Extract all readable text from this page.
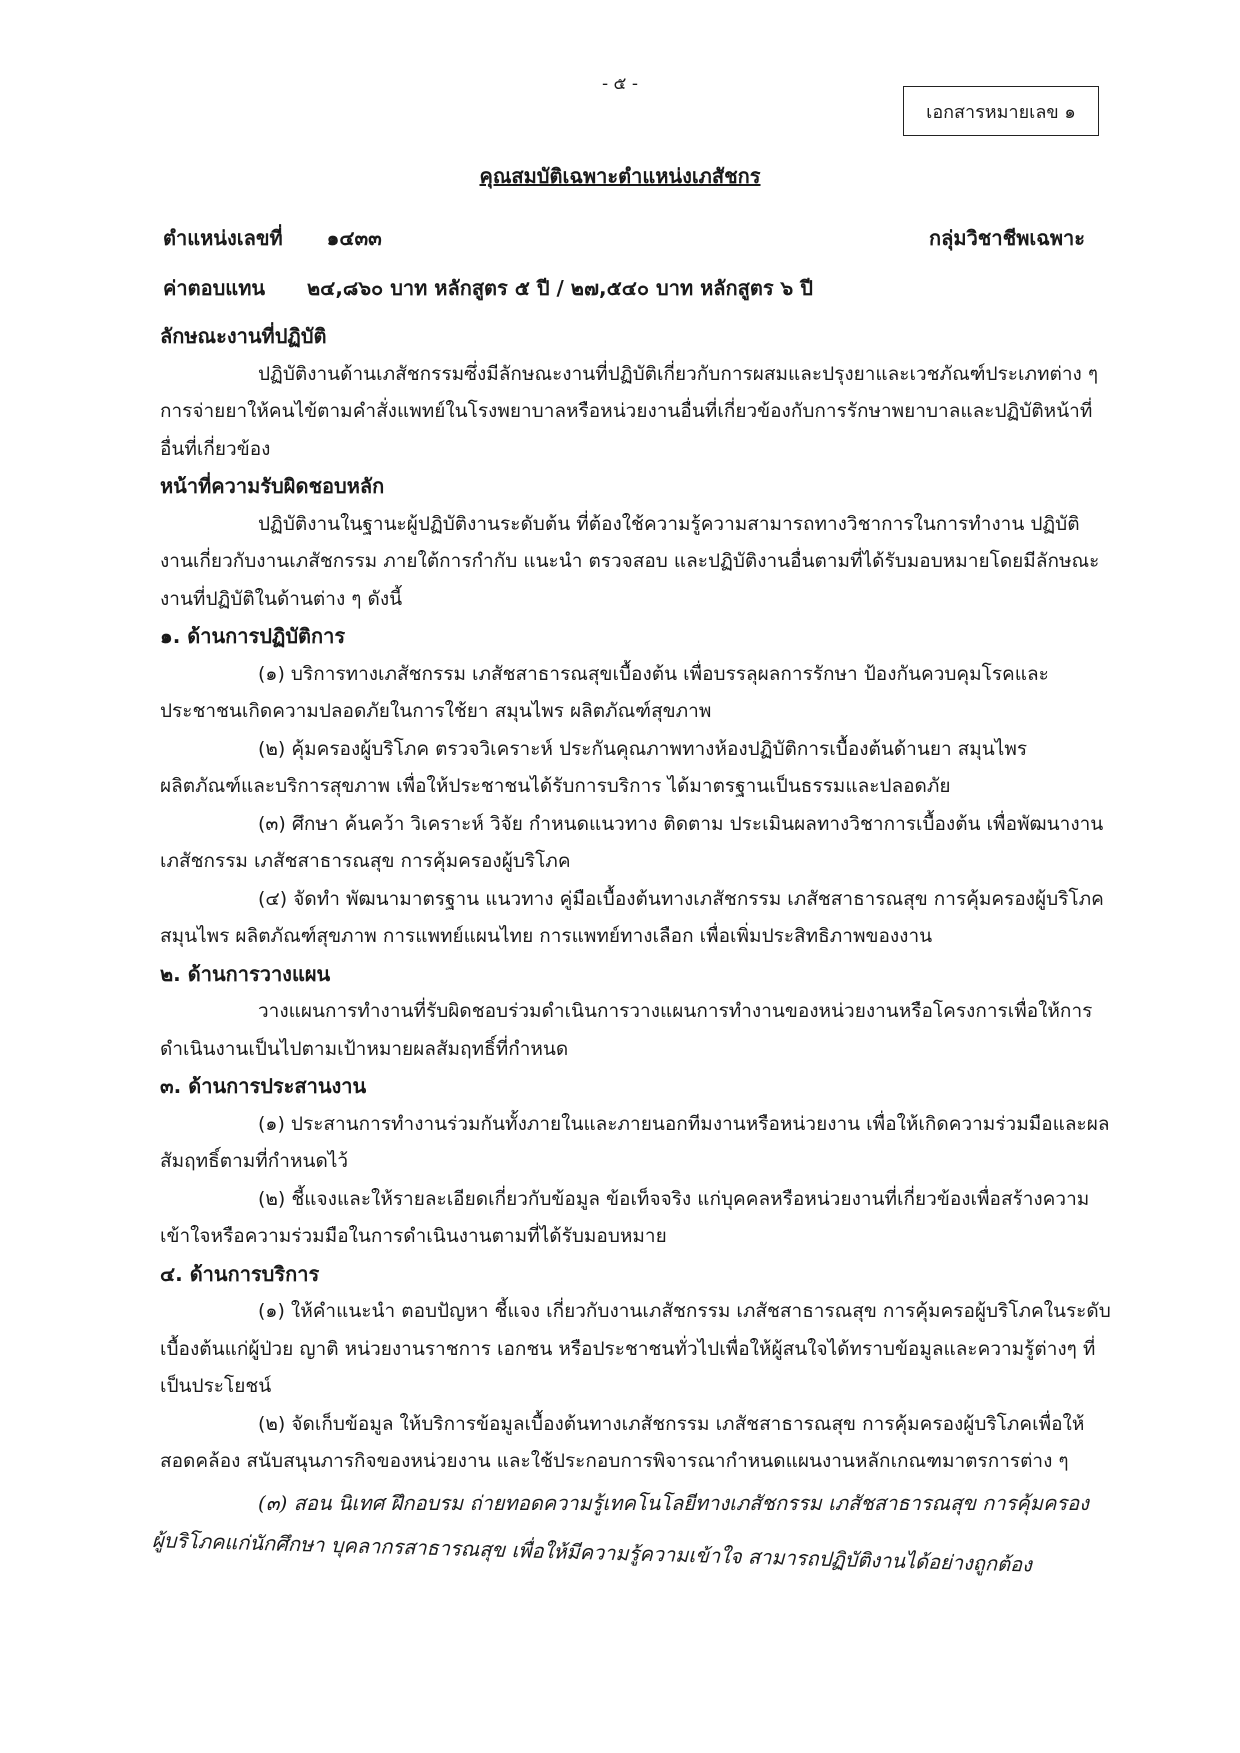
- ๕ -
เอกสารหมายเลข ๑
คุณสมบัติเฉพาะตำแหน่งเภสัชกร
ตำแหน่งเลขที่ ๑๔๓๓	กลุ่มวิชาชีพเฉพาะ
ค่าตอบแทน ๒๔,๘๖๐ บาท หลักสูตร ๕ ปี / ๒๗,๕๔๐ บาท หลักสูตร ๖ ปี

ลักษณะงานที่ปฏิบัติ

ปฏิบัติงานด้านเภสัชกรรมซึ่งมีลักษณะงานที่ปฏิบัติเกี่ยวกับการผสมและปรุงยาและเวชภัณฑ์ประเภทต่าง ๆ การจ่ายยาให้คนไข้ตามคำสั่งแพทย์ในโรงพยาบาลหรือหน่วยงานอื่นที่เกี่ยวข้องกับการรักษาพยาบาลและปฏิบัติหน้าที่อื่นที่เกี่ยวข้อง

หน้าที่ความรับผิดชอบหลัก

ปฏิบัติงานในฐานะผู้ปฏิบัติงานระดับต้น ที่ต้องใช้ความรู้ความสามารถทางวิชาการในการทำงาน ปฏิบัติงานเกี่ยวกับงานเภสัชกรรม ภายใต้การกำกับ แนะนำ ตรวจสอบ และปฏิบัติงานอื่นตามที่ได้รับมอบหมายโดยมีลักษณะงานที่ปฏิบัติในด้านต่าง ๆ ดังนี้

๑. ด้านการปฏิบัติการ

(๑) บริการทางเภสัชกรรม เภสัชสาธารณสุขเบื้องต้น เพื่อบรรลุผลการรักษา ป้องกันควบคุมโรคและประชาชนเกิดความปลอดภัยในการใช้ยา สมุนไพร ผลิตภัณฑ์สุขภาพ

(๒) คุ้มครองผู้บริโภค ตรวจวิเคราะห์ ประกันคุณภาพทางห้องปฏิบัติการเบื้องต้นด้านยา สมุนไพร ผลิตภัณฑ์และบริการสุขภาพ เพื่อให้ประชาชนได้รับการบริการ ได้มาตรฐานเป็นธรรมและปลอดภัย

(๓) ศึกษา ค้นคว้า วิเคราะห์ วิจัย กำหนดแนวทาง ติดตาม ประเมินผลทางวิชาการเบื้องต้น เพื่อพัฒนางานเภสัชกรรม เภสัชสาธารณสุข การคุ้มครองผู้บริโภค

(๔) จัดทำ พัฒนามาตรฐาน แนวทาง คู่มือเบื้องต้นทางเภสัชกรรม เภสัชสาธารณสุข การคุ้มครองผู้บริโภค สมุนไพร ผลิตภัณฑ์สุขภาพ การแพทย์แผนไทย การแพทย์ทางเลือก เพื่อเพิ่มประสิทธิภาพของงาน

๒. ด้านการวางแผน

วางแผนการทำงานที่รับผิดชอบร่วมดำเนินการวางแผนการทำงานของหน่วยงานหรือโครงการเพื่อให้การดำเนินงานเป็นไปตามเป้าหมายผลสัมฤทธิ์ที่กำหนด

๓. ด้านการประสานงาน

(๑) ประสานการทำงานร่วมกันทั้งภายในและภายนอกทีมงานหรือหน่วยงาน เพื่อให้เกิดความร่วมมือและผลสัมฤทธิ์ตามที่กำหนดไว้

(๒) ชี้แจงและให้รายละเอียดเกี่ยวกับข้อมูล ข้อเท็จจริง แก่บุคคลหรือหน่วยงานที่เกี่ยวข้องเพื่อสร้างความเข้าใจหรือความร่วมมือในการดำเนินงานตามที่ได้รับมอบหมาย

๔. ด้านการบริการ

(๑) ให้คำแนะนำ ตอบปัญหา ชี้แจง เกี่ยวกับงานเภสัชกรรม เภสัชสาธารณสุข การคุ้มครอผู้บริโภคในระดับเบื้องต้นแก่ผู้ป่วย ญาติ หน่วยงานราชการ เอกชน หรือประชาชนทั่วไปเพื่อให้ผู้สนใจได้ทราบข้อมูลและความรู้ต่างๆ ที่เป็นประโยชน์

(๒) จัดเก็บข้อมูล ให้บริการข้อมูลเบื้องต้นทางเภสัชกรรม เภสัชสาธารณสุข การคุ้มครองผู้บริโภคเพื่อให้สอดคล้อง สนับสนุนภารกิจของหน่วยงาน และใช้ประกอบการพิจารณากำหนดแผนงานหลักเกณฑมาตรการต่าง ๆ

(๓) สอน นิเทศ ฝึกอบรม ถ่ายทอดความรู้เทคโนโลยีทางเภสัชกรรม เภสัชสาธารณสุข การคุ้มครอง

ผู้บริโภคแก่นักศึกษา บุคลากรสาธารณสุข เพื่อให้มีความรู้ความเข้าใจ สามารถปฏิบัติงานได้อย่างถูกต้อง
